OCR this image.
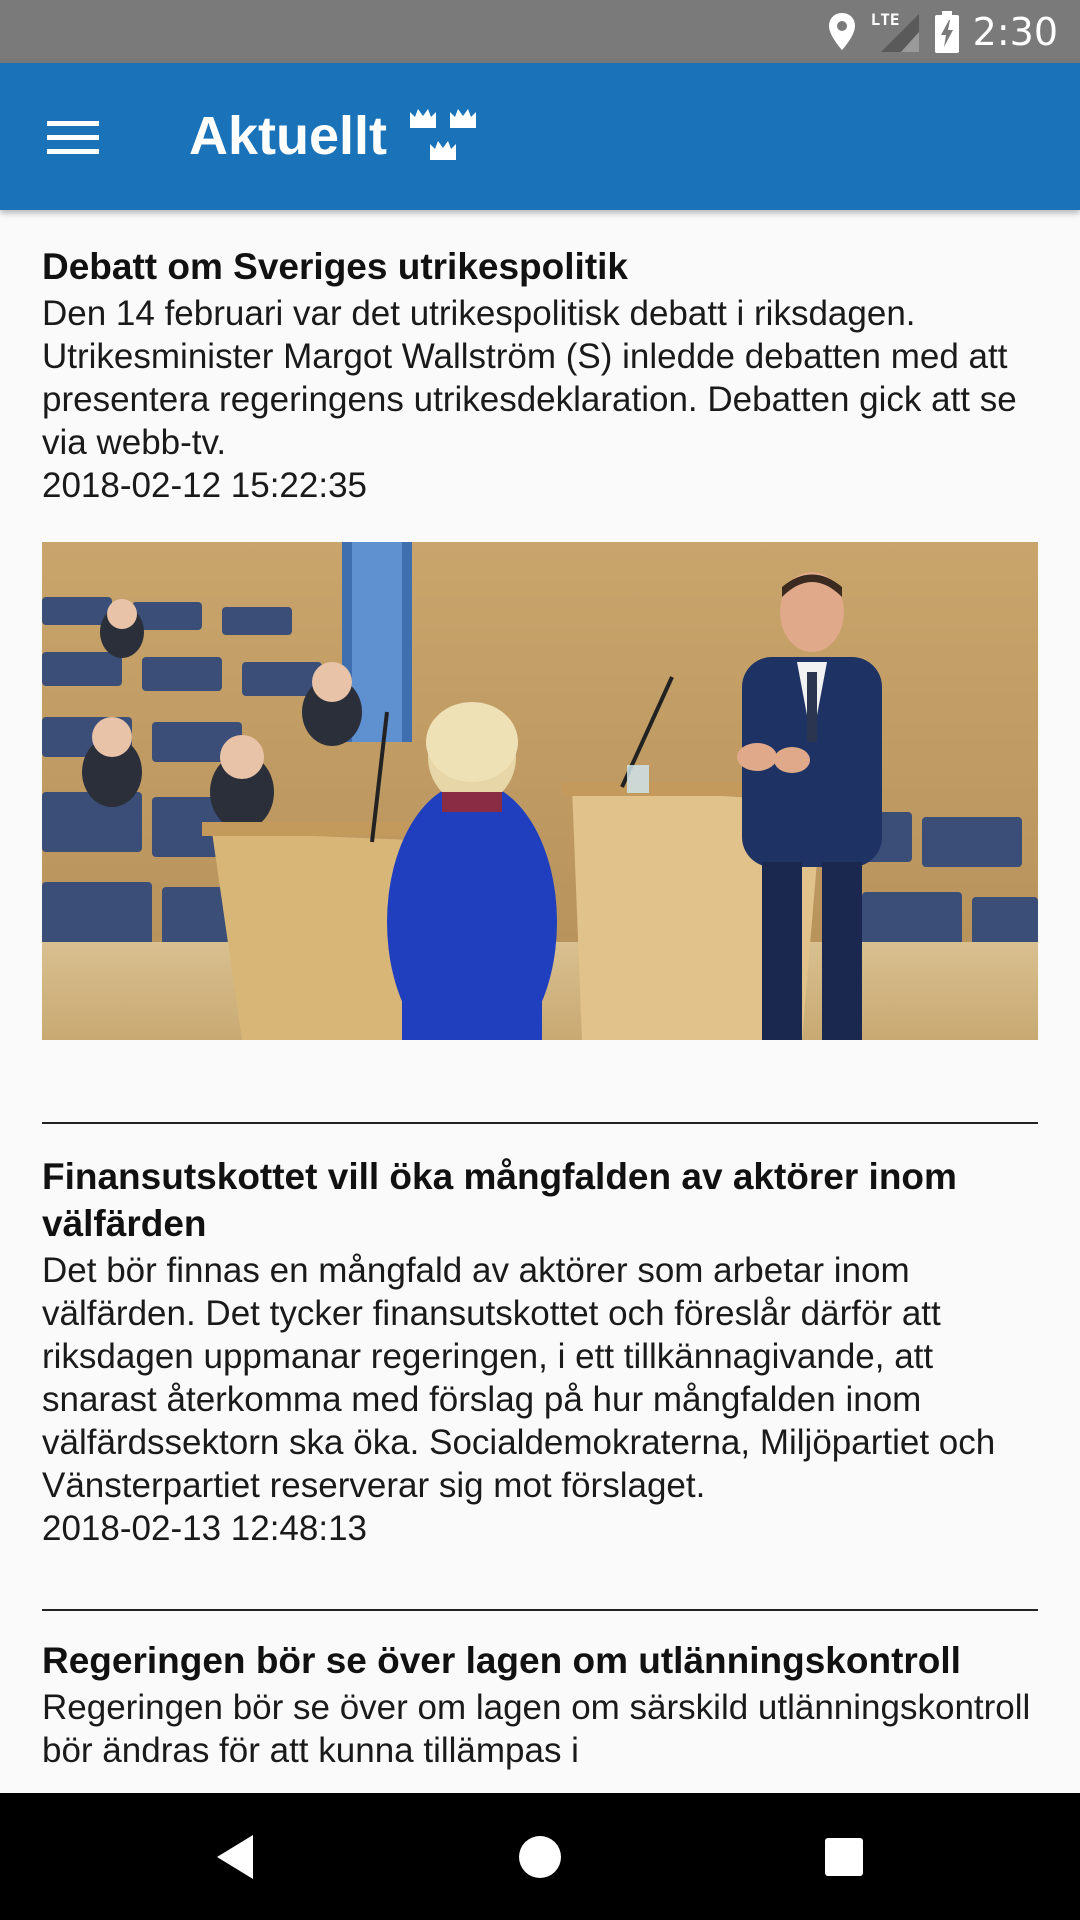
LTE 2:30
Aktuellt
Debatt om Sveriges utrikespolitik
Den 14 februari var det utrikespolitisk debatt i riksdagen. Utrikesminister Margot Wallström (S) inledde debatten med att presentera regeringens utrikesdeklaration. Debatten gick att se via webb-tv.
2018-02-12 15:22:35
Finansutskottet vill öka mångfalden av aktörer inom välfärden
Det bör finnas en mångfald av aktörer som arbetar inom välfärden. Det tycker finansutskottet och föreslår därför att riksdagen uppmanar regeringen, i ett tillkännagivande, att snarast återkomma med förslag på hur mångfalden inom välfärdssektorn ska öka. Socialdemokraterna, Miljöpartiet och Vänsterpartiet reserverar sig mot förslaget.
2018-02-13 12:48:13
Regeringen bör se över lagen om utlänningskontroll
Regeringen bör se över om lagen om särskild utlänningskontroll bör ändras för att kunna tillämpas i
